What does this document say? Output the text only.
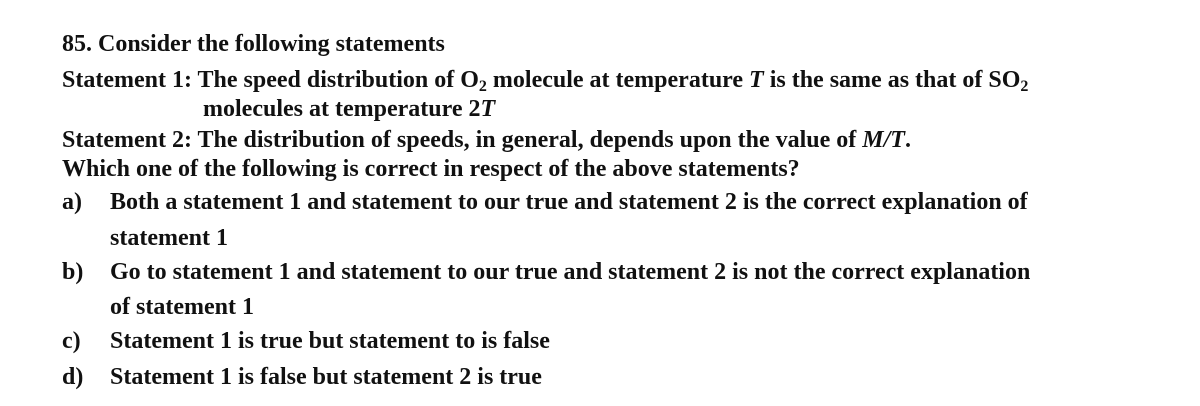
85. Consider the following statements
Statement 1: The speed distribution of $O_2$ molecule at temperature T is the same as that of $SO_2$
molecules at temperature 2T
Statement 2: The distribution of speeds, in general, depends upon the value of M/T.
Which one of the following is correct in respect of the above statements?
a) Both a statement 1 and statement to our true and statement 2 is the correct explanation of
statement 1
b) Go to statement 1 and statement to our true and statement 2 is not the correct explanation
of statement 1
c) Statement 1 is true but statement to is false
d) Statement 1 is false but statement 2 is true
